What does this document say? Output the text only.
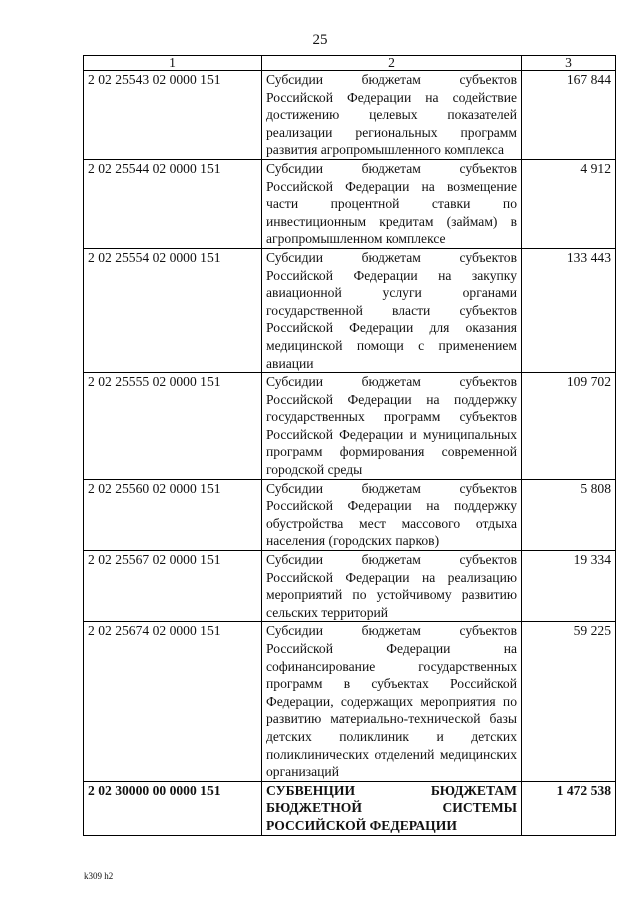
25
1	2	3
2 02 25543 02 0000 151	Субсидии бюджетам субъектов Российской Федерации на содействие достижению целевых показателей реализации региональных программ развития агропромышленного комплекса	167 844
2 02 25544 02 0000 151	Субсидии бюджетам субъектов Российской Федерации на возмещение части процентной ставки по инвестиционным кредитам (займам) в агропромышленном комплексе	4 912
2 02 25554 02 0000 151	Субсидии бюджетам субъектов Российской Федерации на закупку авиационной услуги органами государственной власти субъектов Российской Федерации для оказания медицинской помощи с применением авиации	133 443
2 02 25555 02 0000 151	Субсидии бюджетам субъектов Российской Федерации на поддержку государственных программ субъектов Российской Федерации и муниципальных программ формирования современной городской среды	109 702
2 02 25560 02 0000 151	Субсидии бюджетам субъектов Российской Федерации на поддержку обустройства мест массового отдыха населения (городских парков)	5 808
2 02 25567 02 0000 151	Субсидии бюджетам субъектов Российской Федерации на реализацию мероприятий по устойчивому развитию сельских территорий	19 334
2 02 25674 02 0000 151	Субсидии бюджетам субъектов Российской Федерации на софинансирование государственных программ в субъектах Российской Федерации, содержащих мероприятия по развитию материально-технической базы детских поликлиник и детских поликлинических отделений медицинских организаций	59 225
2 02 30000 00 0000 151	СУБВЕНЦИИ БЮДЖЕТАМ БЮДЖЕТНОЙ СИСТЕМЫ РОССИЙСКОЙ ФЕДЕРАЦИИ	1 472 538
k309 h2
